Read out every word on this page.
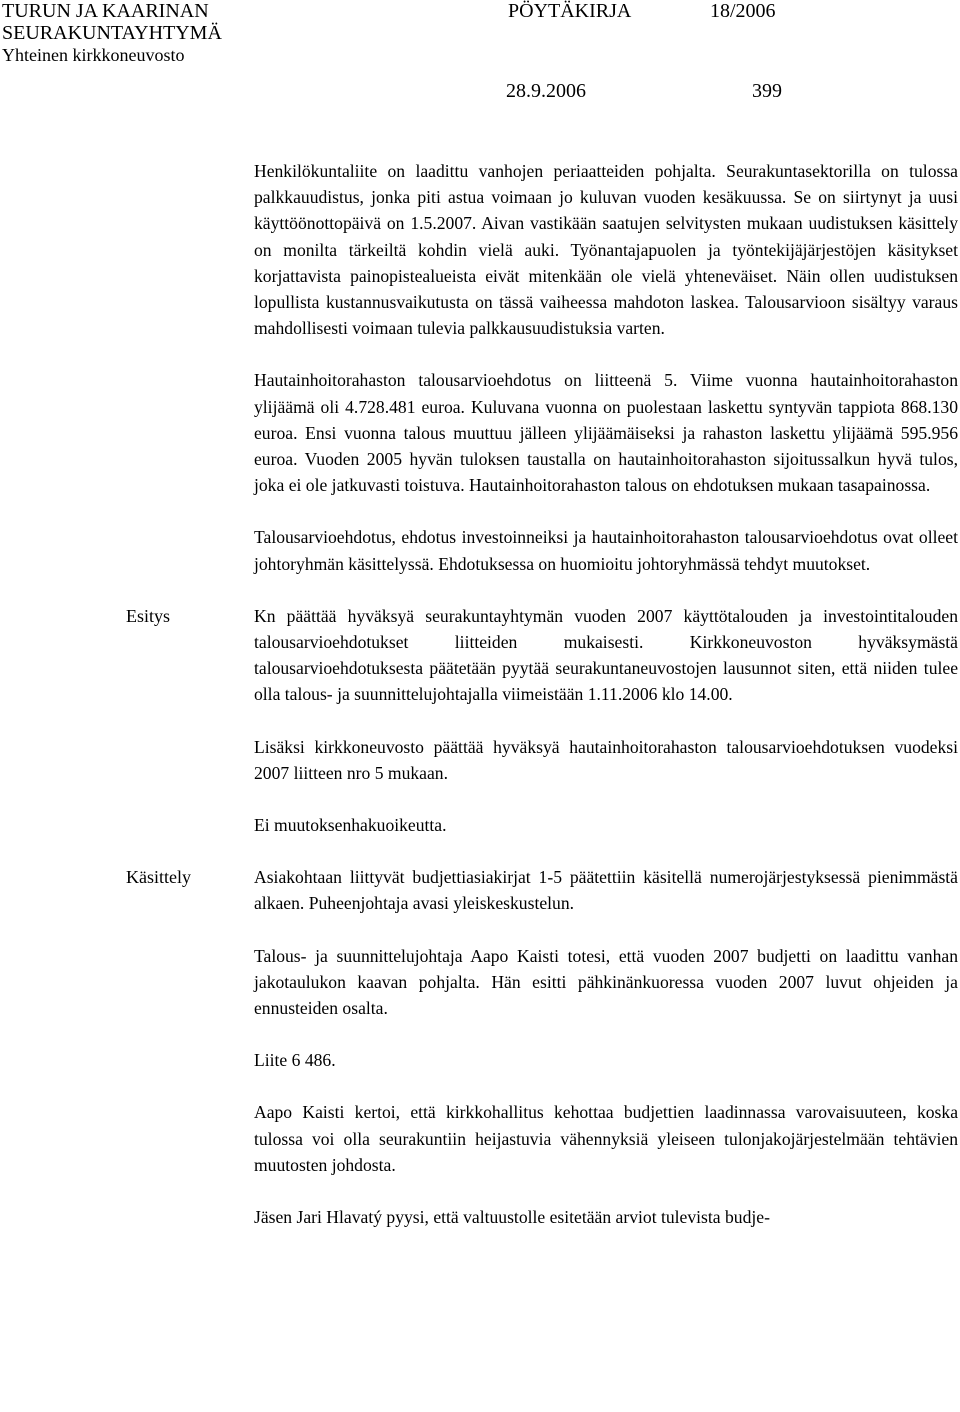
TURUN JA KAARINAN
SEURAKUNTAYHTYMÄ
Yhteinen kirkkoneuvosto
PÖYTÄKIRJA	18/2006
28.9.2006	399

Henkilökuntaliite on laadittu vanhojen periaatteiden pohjalta. Seurakuntasektorilla on tulossa palkkauudistus, jonka piti astua voimaan jo kuluvan vuoden kesäkuussa. Se on siirtynyt ja uusi käyttöönottopäivä on 1.5.2007. Aivan vastikään saatujen selvitysten mukaan uudistuksen käsittely on monilta tärkeiltä kohdin vielä auki. Työnantajapuolen ja työntekijäjärjestöjen käsitykset korjattavista painopistealueista eivät mitenkään ole vielä yhteneväiset. Näin ollen uudistuksen lopullista kustannusvaikutusta on tässä vaiheessa mahdoton laskea. Talousarvioon sisältyy varaus mahdollisesti voimaan tulevia palkkausuudistuksia varten.

Hautainhoitorahaston talousarvioehdotus on liitteenä 5. Viime vuonna hautainhoitorahaston ylijäämä oli 4.728.481 euroa. Kuluvana vuonna on puolestaan laskettu syntyvän tappiota 868.130 euroa. Ensi vuonna talous muuttuu jälleen ylijäämäiseksi ja rahaston laskettu ylijäämä 595.956 euroa. Vuoden 2005 hyvän tuloksen taustalla on hautainhoitorahaston sijoitussalkun hyvä tulos, joka ei ole jatkuvasti toistuva. Hautainhoitorahaston talous on ehdotuksen mukaan tasapainossa.

Talousarvioehdotus, ehdotus investoinneiksi ja hautainhoitorahaston talousarvioehdotus ovat olleet johtoryhmän käsittelyssä. Ehdotuksessa on huomioitu johtoryhmässä tehdyt muutokset.

Esitys	Kn päättää hyväksyä seurakuntayhtymän vuoden 2007 käyttötalouden ja investointitalouden talousarvioehdotukset liitteiden mukaisesti. Kirkkoneuvoston hyväksymästä talousarvioehdotuksesta päätetään pyytää seurakuntaneuvostojen lausunnot siten, että niiden tulee olla talous- ja suunnittelujohtajalla viimeistään 1.11.2006 klo 14.00.

Lisäksi kirkkoneuvosto päättää hyväksyä hautainhoitorahaston talousarvioehdotuksen vuodeksi 2007 liitteen nro 5 mukaan.

Ei muutoksenhakuoikeutta.

Käsittely	Asiakohtaan liittyvät budjettiasiakirjat 1-5 päätettiin käsitellä numerojärjestyksessä pienimmästä alkaen. Puheenjohtaja avasi yleiskeskustelun.

Talous- ja suunnittelujohtaja Aapo Kaisti totesi, että vuoden 2007 budjetti on laadittu vanhan jakotaulukon kaavan pohjalta. Hän esitti pähkinänkuoressa vuoden 2007 luvut ohjeiden ja ennusteiden osalta.

Liite 6 486.

Aapo Kaisti kertoi, että kirkkohallitus kehottaa budjettien laadinnassa varovaisuuteen, koska tulossa voi olla seurakuntiin heijastuvia vähennyksiä yleiseen tulonjakojärjestelmään tehtävien muutosten johdosta.

Jäsen Jari Hlavatý pyysi, että valtuustolle esitetään arviot tulevista budje-
